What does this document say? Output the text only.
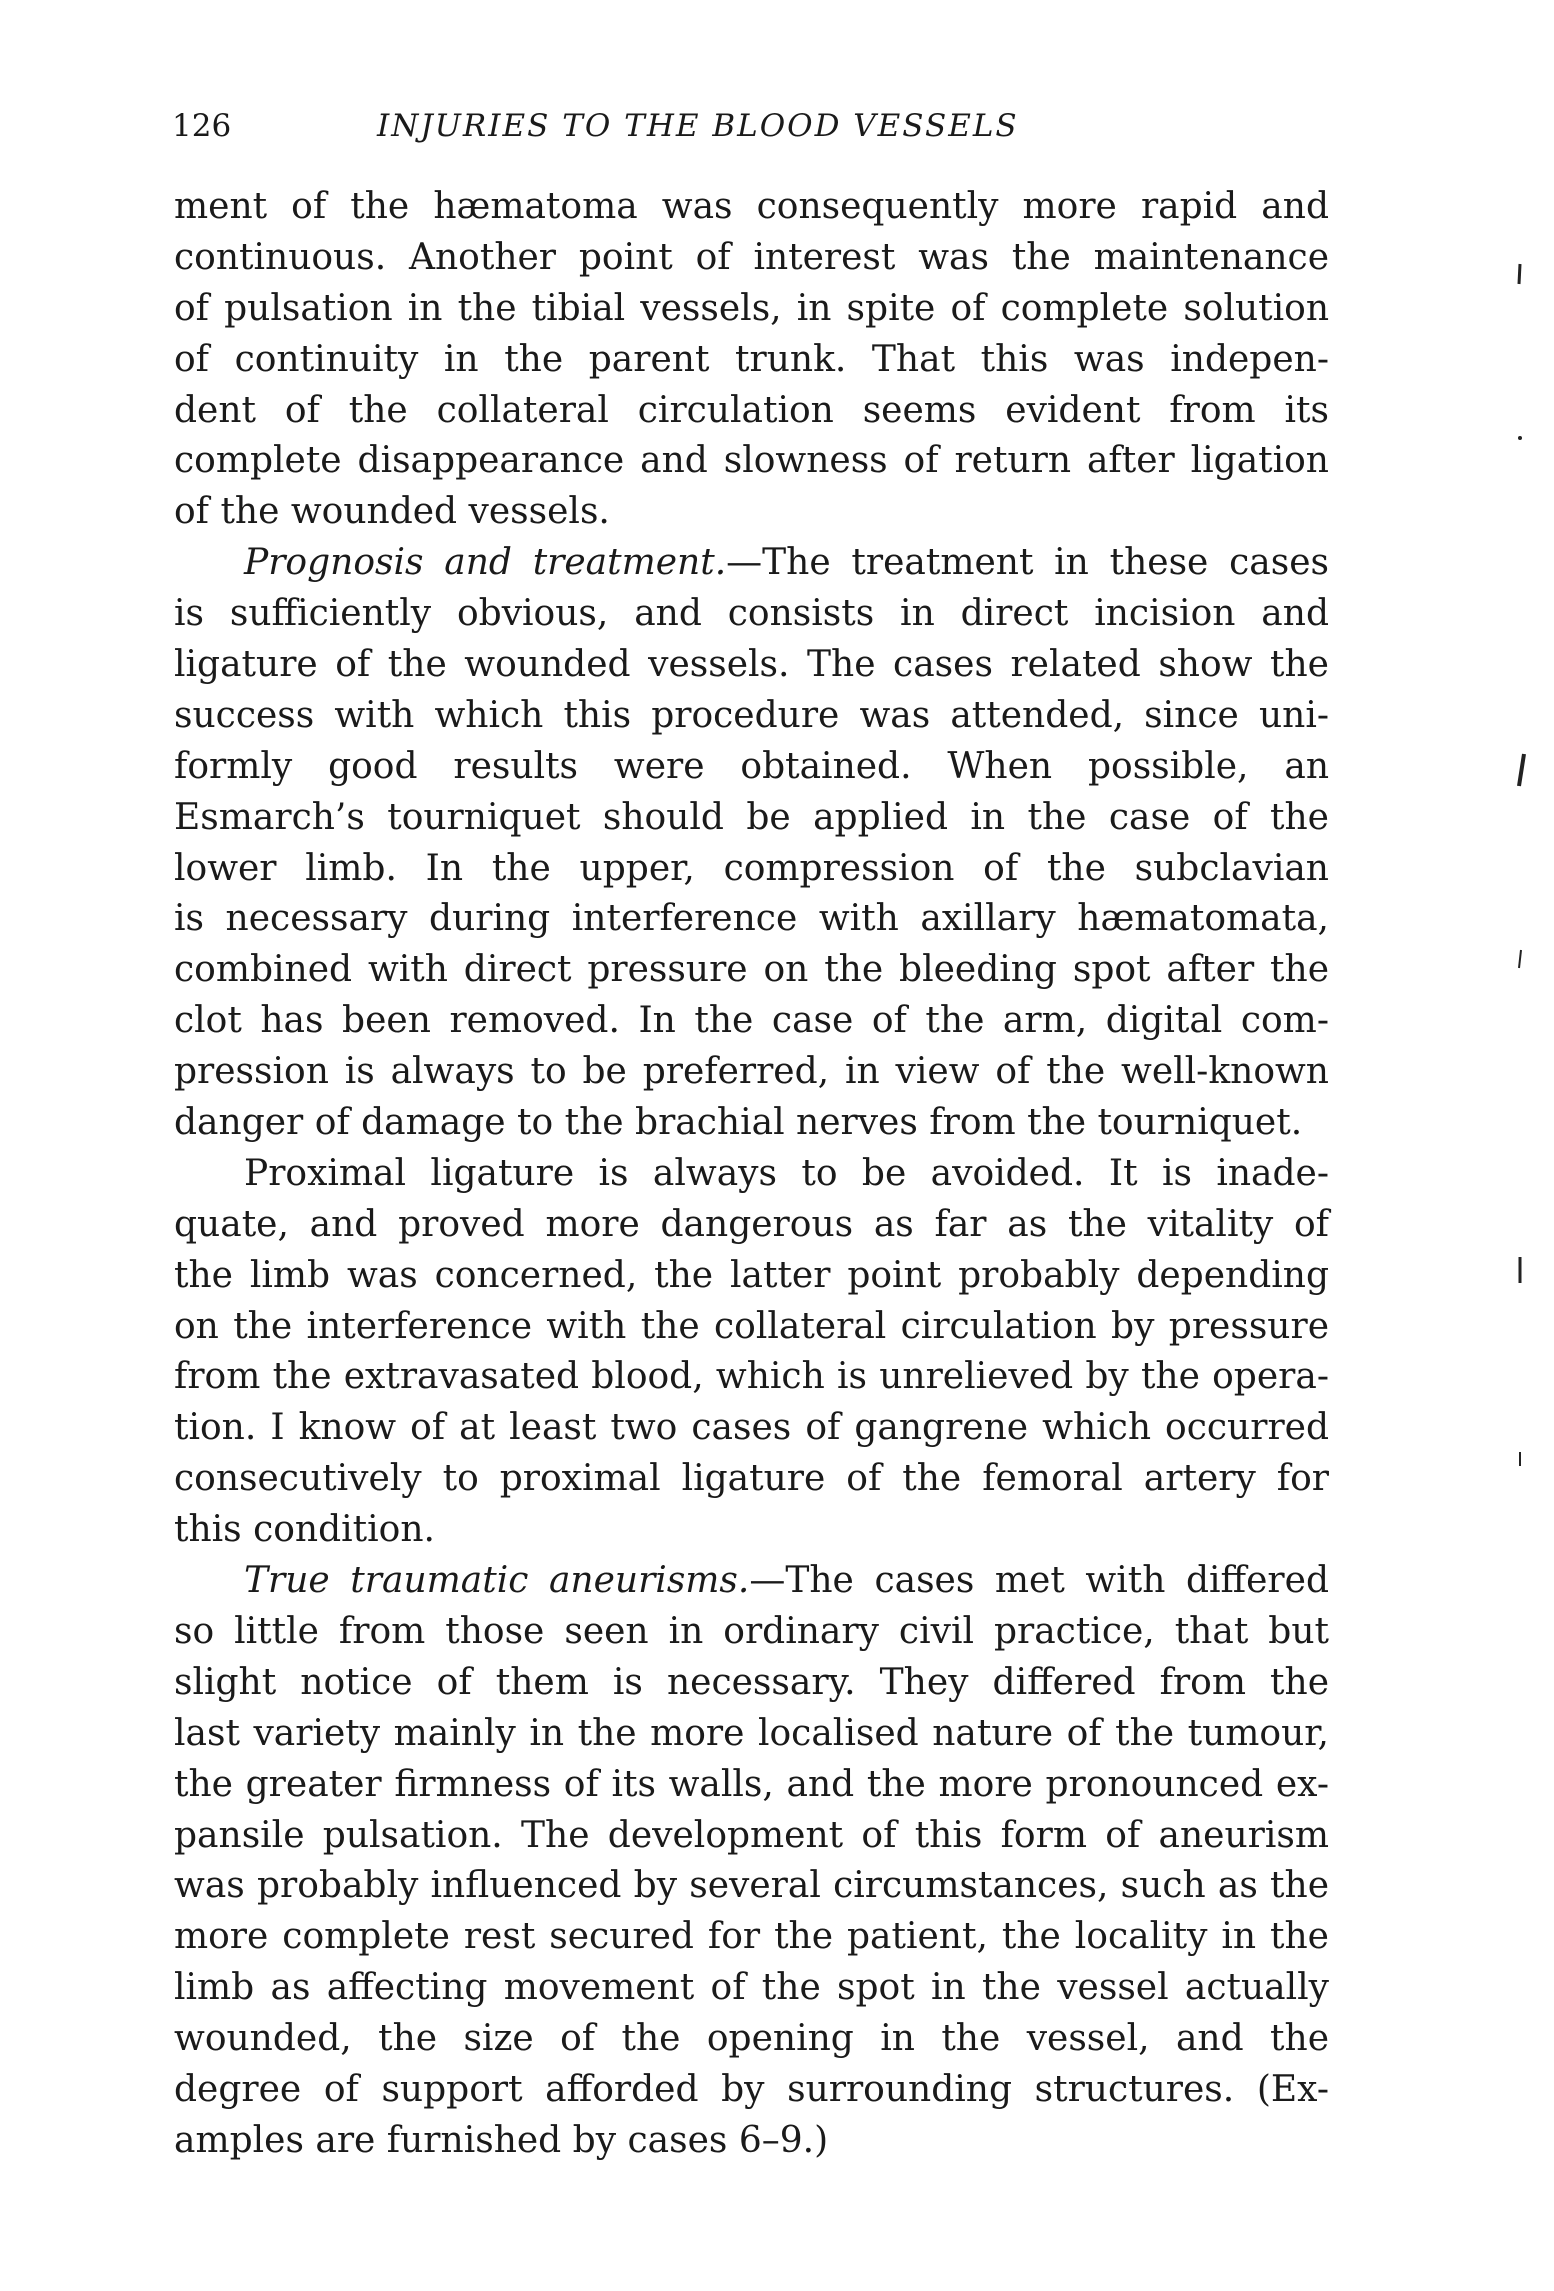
126	INJURIES TO THE BLOOD VESSELS
ment of the hæmatoma was consequently more rapid and
continuous. Another point of interest was the maintenance
of pulsation in the tibial vessels, in spite of complete solution
of continuity in the parent trunk. That this was indepen-
dent of the collateral circulation seems evident from its
complete disappearance and slowness of return after ligation
of the wounded vessels.
Prognosis and treatment.—The treatment in these cases
is sufficiently obvious, and consists in direct incision and
ligature of the wounded vessels. The cases related show the
success with which this procedure was attended, since uni-
formly good results were obtained. When possible, an
Esmarch’s tourniquet should be applied in the case of the
lower limb. In the upper, compression of the subclavian
is necessary during interference with axillary hæmatomata,
combined with direct pressure on the bleeding spot after the
clot has been removed. In the case of the arm, digital com-
pression is always to be preferred, in view of the well-known
danger of damage to the brachial nerves from the tourniquet.
Proximal ligature is always to be avoided. It is inade-
quate, and proved more dangerous as far as the vitality of
the limb was concerned, the latter point probably depending
on the interference with the collateral circulation by pressure
from the extravasated blood, which is unrelieved by the opera-
tion. I know of at least two cases of gangrene which occurred
consecutively to proximal ligature of the femoral artery for
this condition.
True traumatic aneurisms.—The cases met with differed
so little from those seen in ordinary civil practice, that but
slight notice of them is necessary. They differed from the
last variety mainly in the more localised nature of the tumour,
the greater firmness of its walls, and the more pronounced ex-
pansile pulsation. The development of this form of aneurism
was probably influenced by several circumstances, such as the
more complete rest secured for the patient, the locality in the
limb as affecting movement of the spot in the vessel actually
wounded, the size of the opening in the vessel, and the
degree of support afforded by surrounding structures. (Ex-
amples are furnished by cases 6–9.)
